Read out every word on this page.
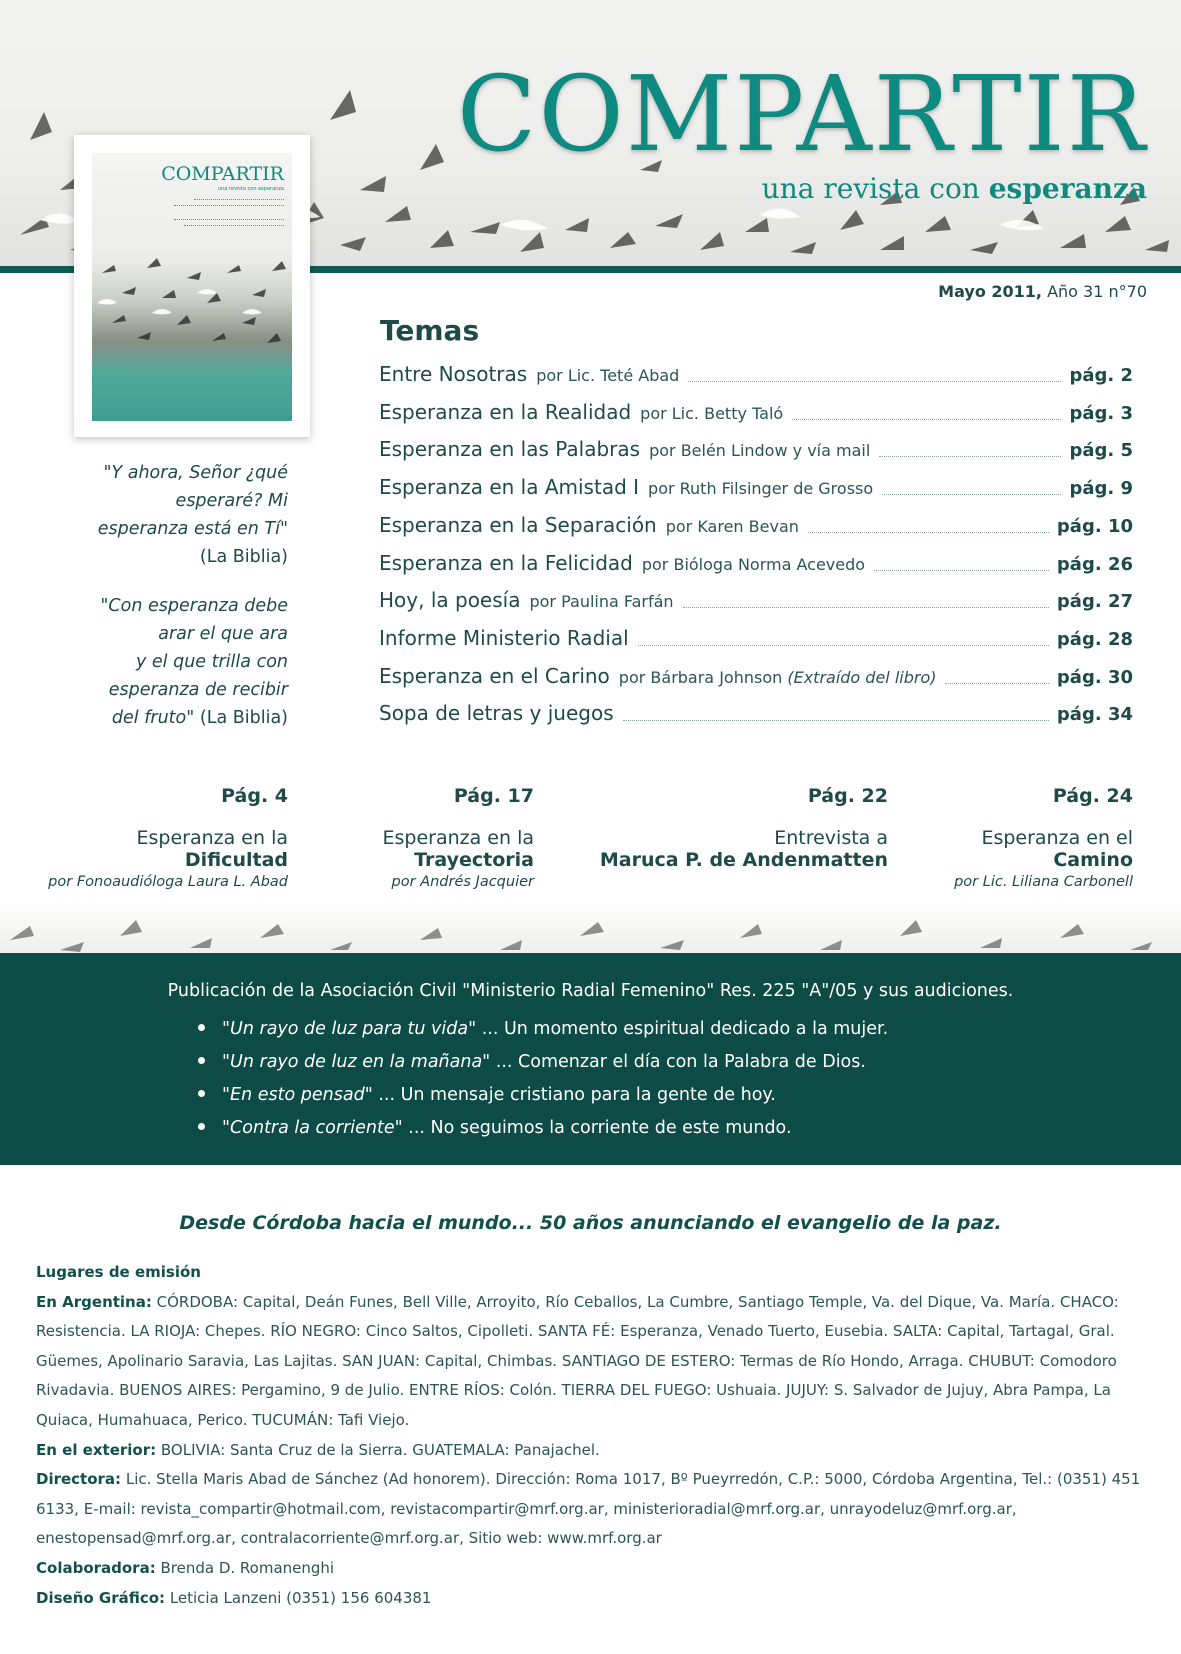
COMPARTIR
una revista con esperanza
COMPARTIR
una revista con esperanza
Mayo 2011, Año 31 n°70
Temas
Entre Nosotras por Lic. Teté Abad	pág. 2
Esperanza en la Realidad por Lic. Betty Taló	pág. 3
Esperanza en las Palabras por Belén Lindow y vía mail	pág. 5
Esperanza en la Amistad I por Ruth Filsinger de Grosso	pág. 9
Esperanza en la Separación por Karen Bevan	pág. 10
Esperanza en la Felicidad por Bióloga Norma Acevedo	pág. 26
Hoy, la poesía por Paulina Farfán	pág. 27
Informe Ministerio Radial	pág. 28
Esperanza en el Carino por Bárbara Johnson (Extraído del libro)	pág. 30
Sopa de letras y juegos	pág. 34
"Y ahora, Señor ¿qué
esperaré? Mi
esperanza está en Tí"
(La Biblia)
"Con esperanza debe
arar el que ara
y el que trilla con
esperanza de recibir
del fruto" (La Biblia)
Pág. 4
Esperanza en la
Dificultad
por Fonoaudióloga Laura L. Abad
Pág. 17
Esperanza en la
Trayectoria
por Andrés Jacquier
Pág. 22
Entrevista a
Maruca P. de Andenmatten
Pág. 24
Esperanza en el
Camino
por Lic. Liliana Carbonell
Publicación de la Asociación Civil "Ministerio Radial Femenino" Res. 225 "A"/05 y sus audiciones.
"Un rayo de luz para tu vida" ... Un momento espiritual dedicado a la mujer.
"Un rayo de luz en la mañana" ... Comenzar el día con la Palabra de Dios.
"En esto pensad" ... Un mensaje cristiano para la gente de hoy.
"Contra la corriente" ... No seguimos la corriente de este mundo.
Desde Córdoba hacia el mundo... 50 años anunciando el evangelio de la paz.

Lugares de emisión

En Argentina: CÓRDOBA: Capital, Deán Funes, Bell Ville, Arroyito, Río Ceballos, La Cumbre, Santiago Temple, Va. del Dique, Va. María. CHACO: Resistencia. LA RIOJA: Chepes. RÍO NEGRO: Cinco Saltos, Cipolleti. SANTA FÉ: Esperanza, Venado Tuerto, Eusebia. SALTA: Capital, Tartagal, Gral. Güemes, Apolinario Saravia, Las Lajitas. SAN JUAN: Capital, Chimbas. SANTIAGO DE ESTERO: Termas de Río Hondo, Arraga. CHUBUT: Comodoro Rivadavia. BUENOS AIRES: Pergamino, 9 de Julio. ENTRE RÍOS: Colón. TIERRA DEL FUEGO: Ushuaia. JUJUY: S. Salvador de Jujuy, Abra Pampa, La Quiaca, Humahuaca, Perico. TUCUMÁN: Tafi Viejo.

En el exterior: BOLIVIA: Santa Cruz de la Sierra. GUATEMALA: Panajachel.

Directora: Lic. Stella Maris Abad de Sánchez (Ad honorem). Dirección: Roma 1017, Bº Pueyrredón, C.P.: 5000, Córdoba Argentina, Tel.: (0351) 451 6133, E-mail: revista_compartir@hotmail.com, revistacompartir@mrf.org.ar, ministerioradial@mrf.org.ar, unrayodeluz@mrf.org.ar, enestopensad@mrf.org.ar, contralacorriente@mrf.org.ar, Sitio web: www.mrf.org.ar

Colaboradora: Brenda D. Romanenghi

Diseño Gráfico: Leticia Lanzeni (0351) 156 604381
